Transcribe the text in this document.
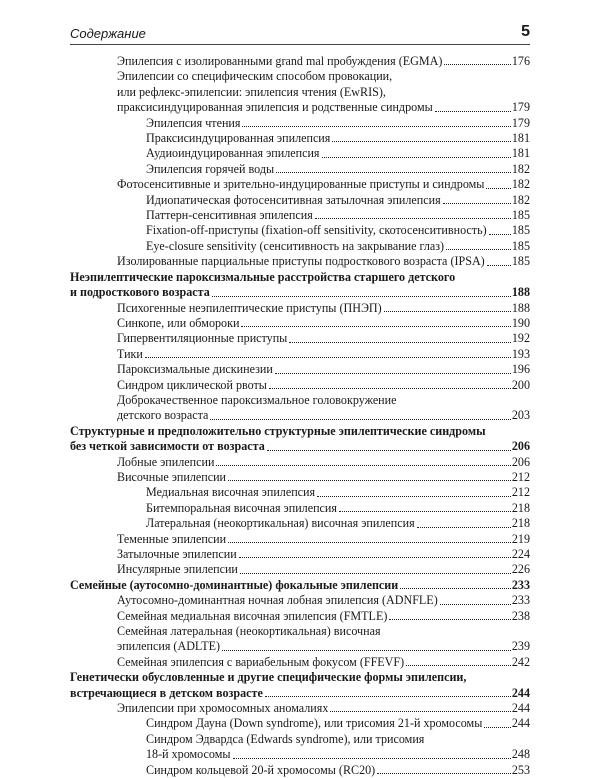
Содержание	5
Эпилепсия с изолированными grand mal пробуждения (EGMA)	176
Эпилепсии со специфическим способом провокации,
или рефлекс-эпилепсии: эпилепсия чтения (EwRIS),
праксисиндуцированная эпилепсия и родственные синдромы	179
Эпилепсия чтения	179
Праксисиндуцированная эпилепсия	181
Аудиоиндуцированная эпилепсия	181
Эпилепсия горячей воды	182
Фотосенситивные и зрительно-индуцированные приступы и синдромы 182
Идиопатическая фотосенситивная затылочная эпилепсия	182
Паттерн-сенситивная эпилепсия	185
Fixation-off-приступы (fixation-off sensitivity, скотосенситивность) 185
Eye-closure sensitivity (сенситивность на закрывание глаз)	185
Изолированные парциальные приступы подросткового возраста (IPSA) 185
Неэпилептические пароксизмальные расстройства старшего детского
и подросткового возраста	188
Психогенные неэпилептические приступы (ПНЭП)	188
Синкопе, или обмороки	190
Гипервентиляционные приступы	192
Тики	193
Пароксизмальные дискинезии	196
Синдром циклической рвоты	200
Доброкачественное пароксизмальное головокружение
детского возраста	203
Структурные и предположительно структурные эпилептические синдромы
без четкой зависимости от возраста	206
Лобные эпилепсии	206
Височные эпилепсии	212
Медиальная височная эпилепсия	212
Битемпоральная височная эпилепсия	218
Латеральная (неокортикальная) височная эпилепсия	218
Теменные эпилепсии	219
Затылочные эпилепсии	224
Инсулярные эпилепсии	226
Семейные (аутосомно-доминантные) фокальные эпилепсии	233
Аутосомно-доминантная ночная лобная эпилепсия (ADNFLE)	233
Семейная медиальная височная эпилепсия (FMTLE)	238
Семейная латеральная (неокортикальная) височная
эпилепсия (ADLTE)	239
Семейная эпилепсия с вариабельным фокусом (FFEVF)	242
Генетически обусловленные и другие специфические формы эпилепсии,
встречающиеся в детском возрасте	244
Эпилепсии при хромосомных аномалиях	244
Синдром Дауна (Down syndrome), или трисомия 21-й хромосомы 244
Синдром Эдвардса (Edwards syndrome), или трисомия
18-й хромосомы	248
Синдром кольцевой 20-й хромосомы (RC20)	253
